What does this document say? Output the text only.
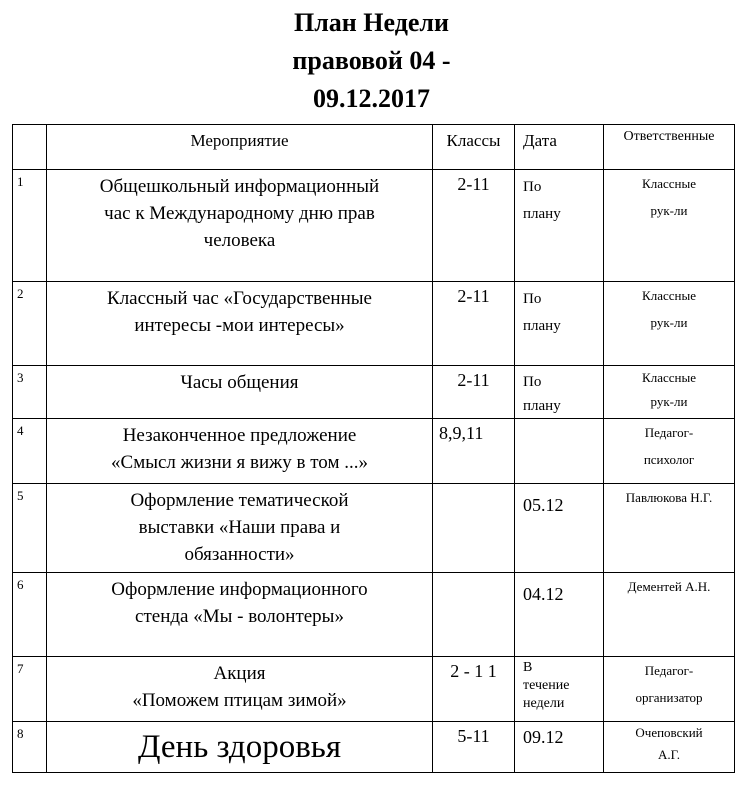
План Недели
правовой 04 -
09.12.2017

	Мероприятие	Классы	Дата	Ответственные

1	Общешкольный информационный
час к Международному дню прав
человека	2-11	По
плану	Классные
рук-ли

2	Классный час «Государственные
интересы -мои интересы»	2-11	По
плану	Классные
рук-ли

3	Часы общения	2-11	По
плану	Классные
рук-ли

4	Незаконченное предложение
«Смысл жизни я вижу в том ...»	8,9,11		Педагог-
психолог

5	Оформление тематической
выставки «Наши права и
обязанности»		05.12	Павлюкова Н.Г.

6	Оформление информационного
стенда «Мы - волонтеры»		04.12	Дементей А.Н.

7	Акция
«Поможем птицам зимой»	2 - 1 1	В
течение
недели	Педагог-
организатор

8	День здоровья	5-11	09.12	Очеповский
А.Г.
